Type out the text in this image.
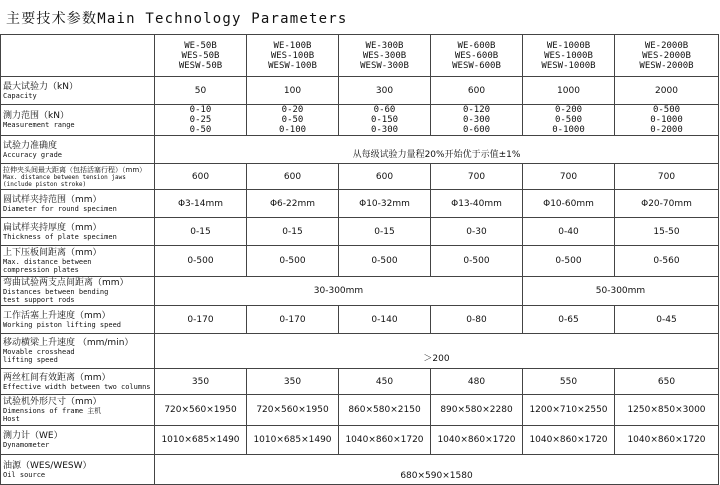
主要技术参数Main Technology Parameters
	WE-50B
WES-50B
WESW-50B	WE-100B
WES-100B
WESW-100B	WE-300B
WES-300B
WESW-300B	WE-600B
WES-600B
WESW-600B	WE-1000B
WES-1000B
WESW-1000B	WE-2000B
WES-2000B
WESW-2000B

最大试验力（kN）
Capacity	50	100	300	600	1000	2000

测力范围（kN）
Measurement range	0-10
0-25
0-50	0-20
0-50
0-100	0-60
0-150
0-300	0-120
0-300
0-600	0-200
0-500
0-1000	0-500
0-1000
0-2000

试验力准确度
Accuracy grade	从每级试验力量程20%开始优于示值±1%					

拉伸夹头间最大距离（包括活塞行程）（mm）
Max. distance between tension jaws
(include piston stroke)	600	600	600	700	700	700

圆试样夹持范围（mm）
Diameter for round specimen	Φ3-14mm	Φ6-22mm	Φ10-32mm	Φ13-40mm	Φ10-60mm	Φ20-70mm

扁试样夹持厚度（mm）
Thickness of plate specimen	0-15	0-15	0-15	0-30	0-40	15-50

上下压板间距离（mm）
Max. distance between
compression plates	0-500	0-500	0-500	0-500	0-500	0-560

弯曲试验两支点间距离（mm）
Distances between bending
test support rods	30-300mm				50-300mm	

工作活塞上升速度（mm）
Working piston lifting speed	0-170	0-170	0-140	0-80	0-65	0-45

移动横梁上升速度 （mm/min）
Movable crosshead
lifting speed	＞200					

两丝杠间有效距离（mm）
Effective width between two columns	350	350	450	480	550	650

试验机外形尺寸（mm）
Dimensions of frame 主机
Host	720×560×1950	720×560×1950	860×580×2150	890×580×2280	1200×710×2550	1250×850×3000

测力计（WE）
Dynamometer	1010×685×1490	1010×685×1490	1040×860×1720	1040×860×1720	1040×860×1720	1040×860×1720

油源（WES/WESW）
Oil source	680×590×1580					
